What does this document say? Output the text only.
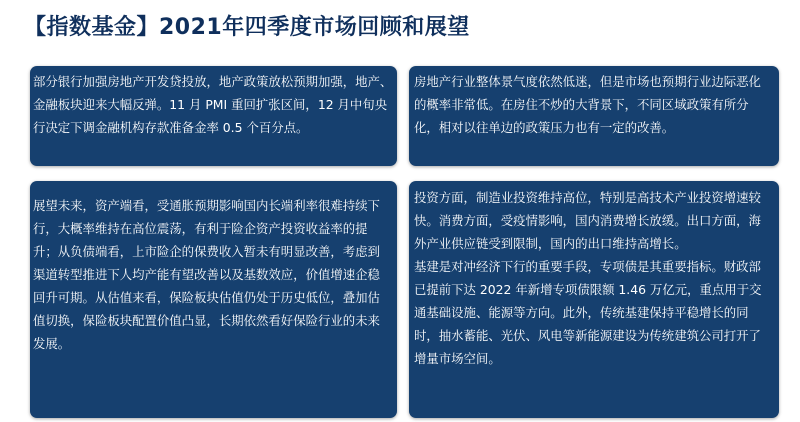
【指数基金】2021年四季度市场回顾和展望

部分银行加强房地产开发贷投放，地产政策放松预期加强，地产、金融板块迎来大幅反弹。11 月 PMI 重回扩张区间，12 月中旬央行决定下调金融机构存款准备金率 0.5 个百分点。

房地产行业整体景气度依然低迷，但是市场也预期行业边际恶化的概率非常低。在房住不炒的大背景下，不同区域政策有所分化，相对以往单边的政策压力也有一定的改善。

展望未来，资产端看，受通胀预期影响国内长端利率很难持续下行，大概率维持在高位震荡，有利于险企资产投资收益率的提升；从负债端看，上市险企的保费收入暂未有明显改善，考虑到渠道转型推进下人均产能有望改善以及基数效应，价值增速企稳回升可期。从估值来看，保险板块估值仍处于历史低位，叠加估值切换，保险板块配置价值凸显，长期依然看好保险行业的未来发展。

投资方面，制造业投资维持高位，特别是高技术产业投资增速较快。消费方面，受疫情影响，国内消费增长放缓。出口方面，海外产业供应链受到限制，国内的出口维持高增长。

基建是对冲经济下行的重要手段，专项债是其重要指标。财政部已提前下达 2022 年新增专项债限额 1.46 万亿元，重点用于交通基础设施、能源等方向。此外，传统基建保持平稳增长的同时，抽水蓄能、光伏、风电等新能源建设为传统建筑公司打开了增量市场空间。
